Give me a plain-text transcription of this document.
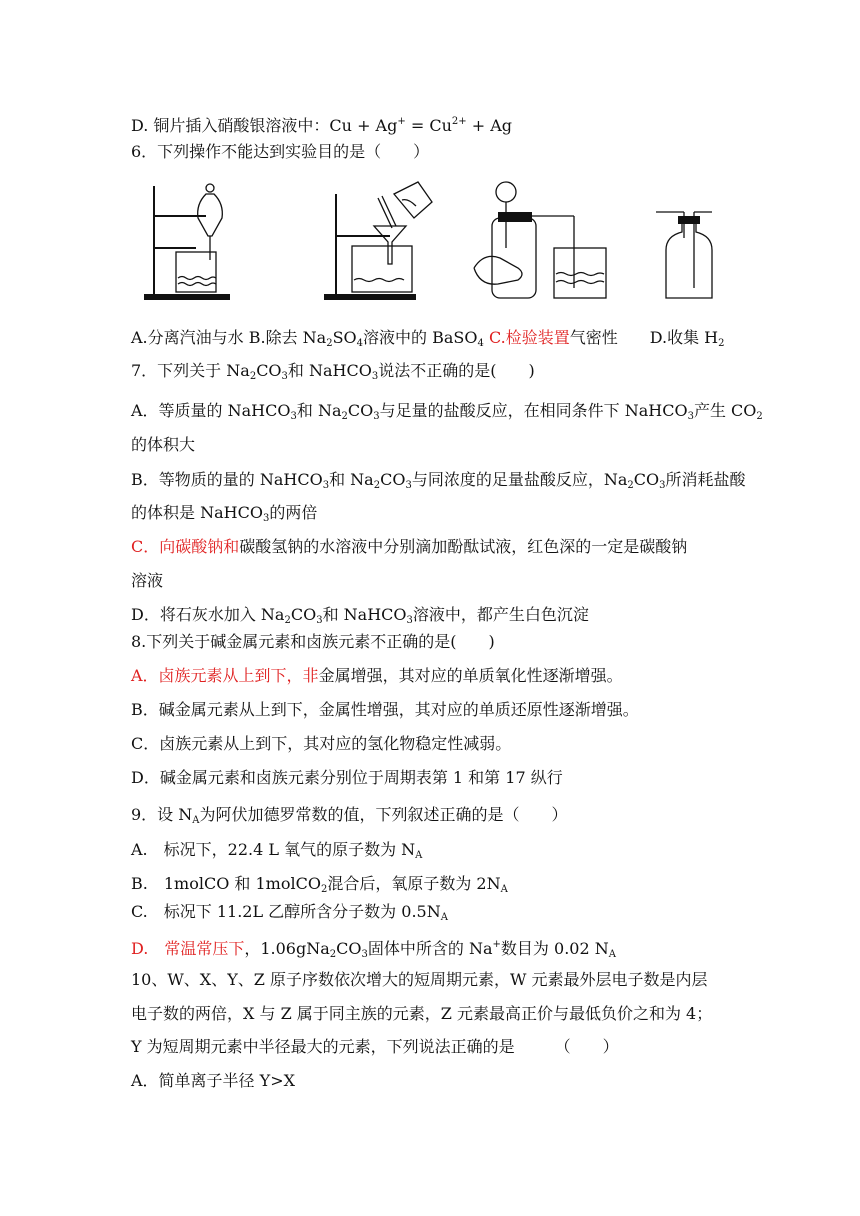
D. 铜片插入硝酸银溶液中：$Cu + Ag^+ = Cu^{2+} + Ag$
6．下列操作不能达到实验目的是（　　）
A.分离汽油与水 B.除去 $Na_2SO_4$溶液中的 BaSO$_4$ C.检验装置气密性　　D.收集 $H_2$
7．下列关于 $Na_2CO_3$和 NaHCO$_3$说法不正确的是(　　)
A．等质量的 NaHCO$_3$和 $Na_2CO_3$与足量的盐酸反应，在相同条件下 NaHCO$_3$产生 $CO_2$
的体积大
B．等物质的量的 NaHCO$_3$和 $Na_2CO_3$与同浓度的足量盐酸反应，$Na_2CO_3$所消耗盐酸
的体积是 NaHCO$_3$的两倍
C．向碳酸钠和碳酸氢钠的水溶液中分别滴加酚酞试液，红色深的一定是碳酸钠
溶液
D．将石灰水加入 $Na_2CO_3$和 NaHCO$_3$溶液中，都产生白色沉淀
8.下列关于碱金属元素和卤族元素不正确的是(　　)
A．卤族元素从上到下，非金属增强，其对应的单质氧化性逐渐增强。
B．碱金属元素从上到下，金属性增强，其对应的单质还原性逐渐增强。
C．卤族元素从上到下，其对应的氢化物稳定性减弱。
D．碱金属元素和卤族元素分别位于周期表第 1 和第 17 纵行
9．设 $N_A$为阿伏加德罗常数的值，下列叙述正确的是（　　）
A.　标况下，22.4 L 氧气的原子数为 $N_A$
B.　1molCO 和 1molCO$_2$混合后，氧原子数为 $2N_A$
C.　标况下 11.2L 乙醇所含分子数为 $0.5N_A$
D.　常温常压下，$1.06gNa_2CO_3$固体中所含的 Na+数目为 0.02 $N_A$
10、W、X、Y、Z 原子序数依次增大的短周期元素，W 元素最外层电子数是内层
电子数的两倍，X 与 Z 属于同主族的元素，Z 元素最高正价与最低负价之和为 4；
Y 为短周期元素中半径最大的元素，下列说法正确的是　　　（　　）
A．简单离子半径 Y>X
